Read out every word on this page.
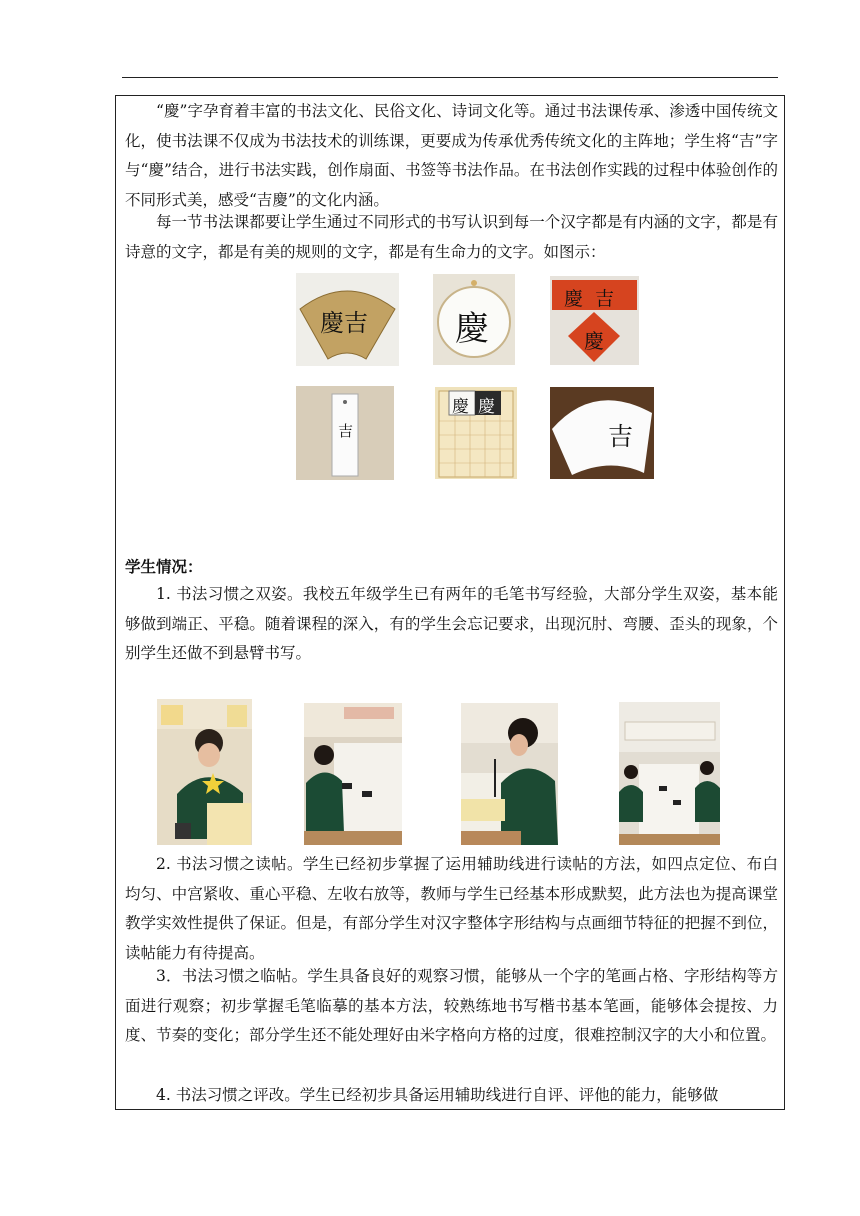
“慶”字孕育着丰富的书法文化、民俗文化、诗词文化等。通过书法课传承、渗透中国传统文化，使书法课不仅成为书法技术的训练课，更要成为传承优秀传统文化的主阵地；学生将“吉”字与“慶”结合，进行书法实践，创作扇面、书签等书法作品。在书法创作实践的过程中体验创作的不同形式美，感受“吉慶”的文化内涵。

每一节书法课都要让学生通过不同形式的书写认识到每一个汉字都是有内涵的文字，都是有诗意的文字，都是有美的规则的文字，都是有生命力的文字。如图示：

慶吉	慶
慶吉
慶
吉
慶 慶
吉

学生情况：

1. 书法习惯之双姿。我校五年级学生已有两年的毛笔书写经验，大部分学生双姿，基本能够做到端正、平稳。随着课程的深入，有的学生会忘记要求，出现沉肘、弯腰、歪头的现象，个别学生还做不到悬臂书写。

2. 书法习惯之读帖。学生已经初步掌握了运用辅助线进行读帖的方法，如四点定位、布白均匀、中宫紧收、重心平稳、左收右放等，教师与学生已经基本形成默契，此方法也为提高课堂教学实效性提供了保证。但是，有部分学生对汉字整体字形结构与点画细节特征的把握不到位，读帖能力有待提高。

3．书法习惯之临帖。学生具备良好的观察习惯，能够从一个字的笔画占格、字形结构等方面进行观察；初步掌握毛笔临摹的基本方法，较熟练地书写楷书基本笔画，能够体会提按、力度、节奏的变化；部分学生还不能处理好由米字格向方格的过度，很难控制汉字的大小和位置。

4. 书法习惯之评改。学生已经初步具备运用辅助线进行自评、评他的能力，能够做
